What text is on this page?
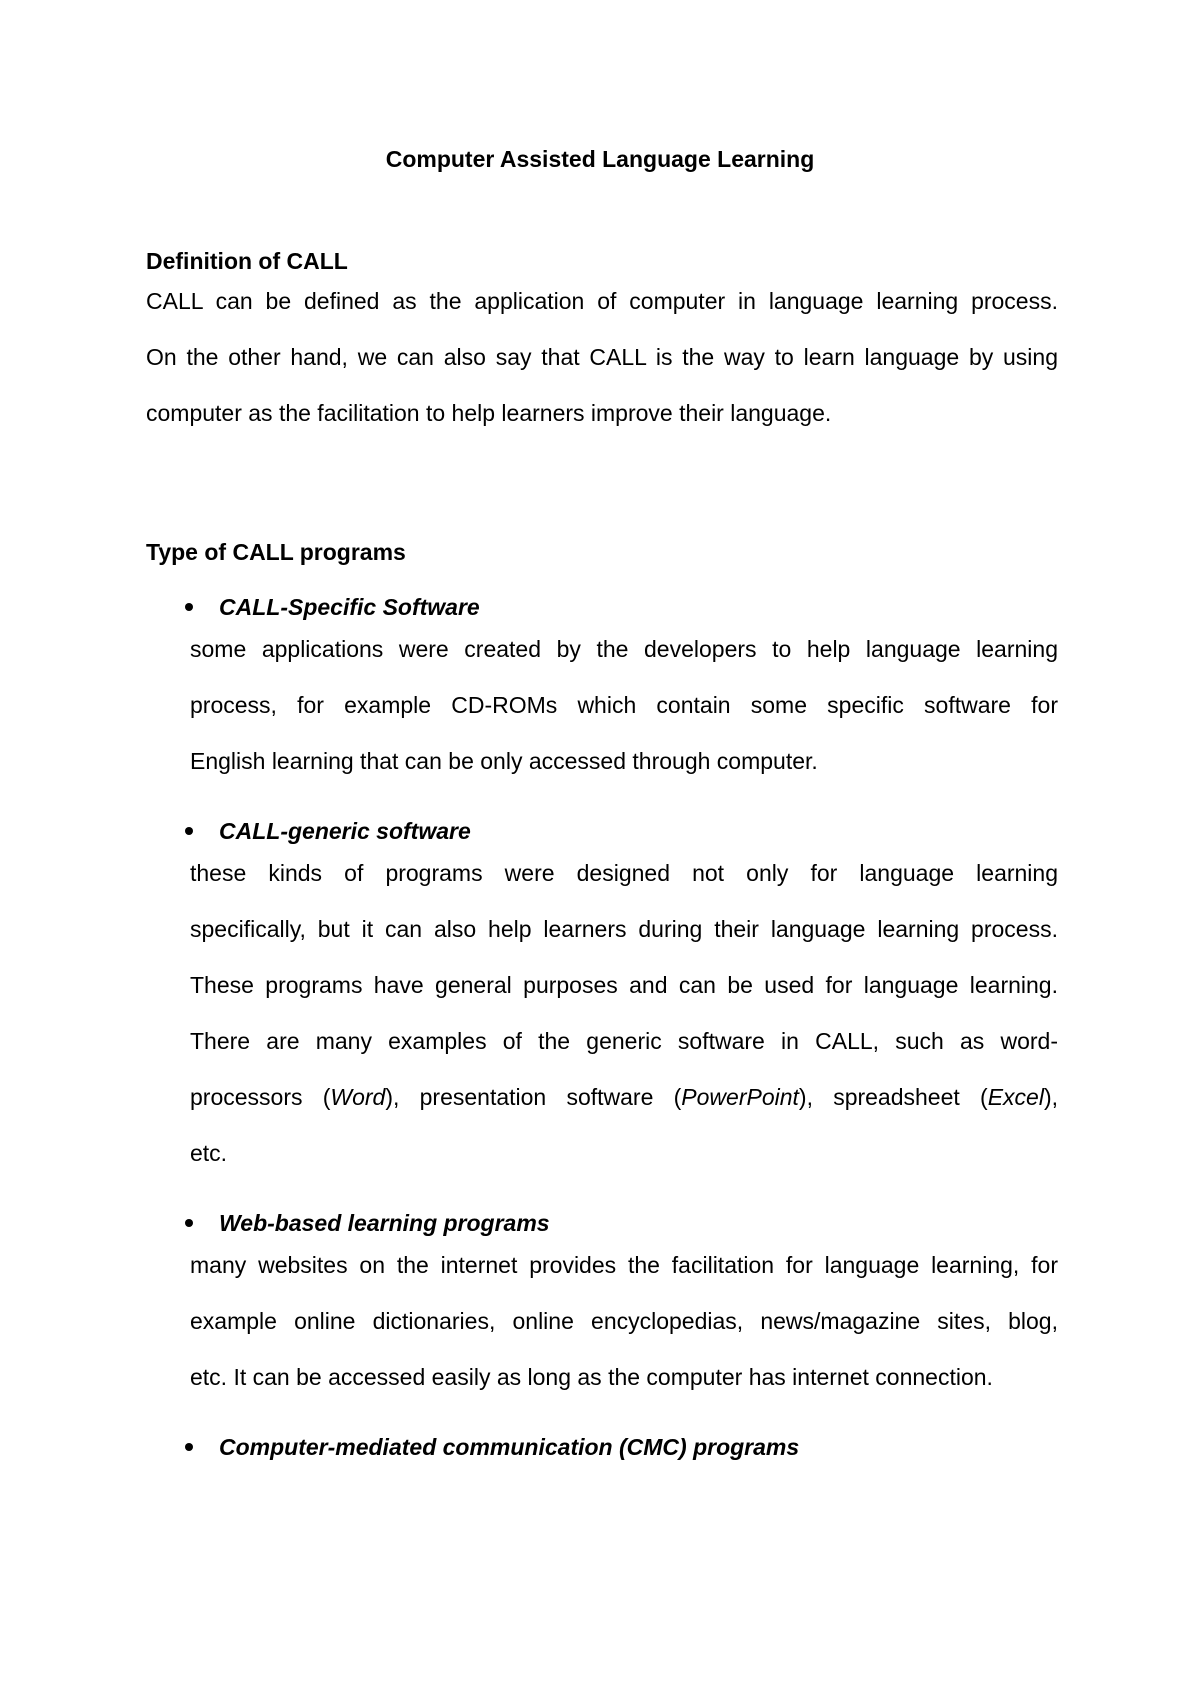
Computer Assisted Language Learning
Definition of CALL
CALL can be defined as the application of computer in language learning process.
On the other hand, we can also say that CALL is the way to learn language by using
computer as the facilitation to help learners improve their language.
Type of CALL programs
CALL-Specific Software
some applications were created by the developers to help language learning
process, for example CD-ROMs which contain some specific software for
English learning that can be only accessed through computer.
CALL-generic software
these kinds of programs were designed not only for language learning
specifically, but it can also help learners during their language learning process.
These programs have general purposes and can be used for language learning.
There are many examples of the generic software in CALL, such as word-
processors (Word), presentation software (PowerPoint), spreadsheet (Excel),
etc.
Web-based learning programs
many websites on the internet provides the facilitation for language learning, for
example online dictionaries, online encyclopedias, news/magazine sites, blog,
etc. It can be accessed easily as long as the computer has internet connection.
Computer-mediated communication (CMC) programs
